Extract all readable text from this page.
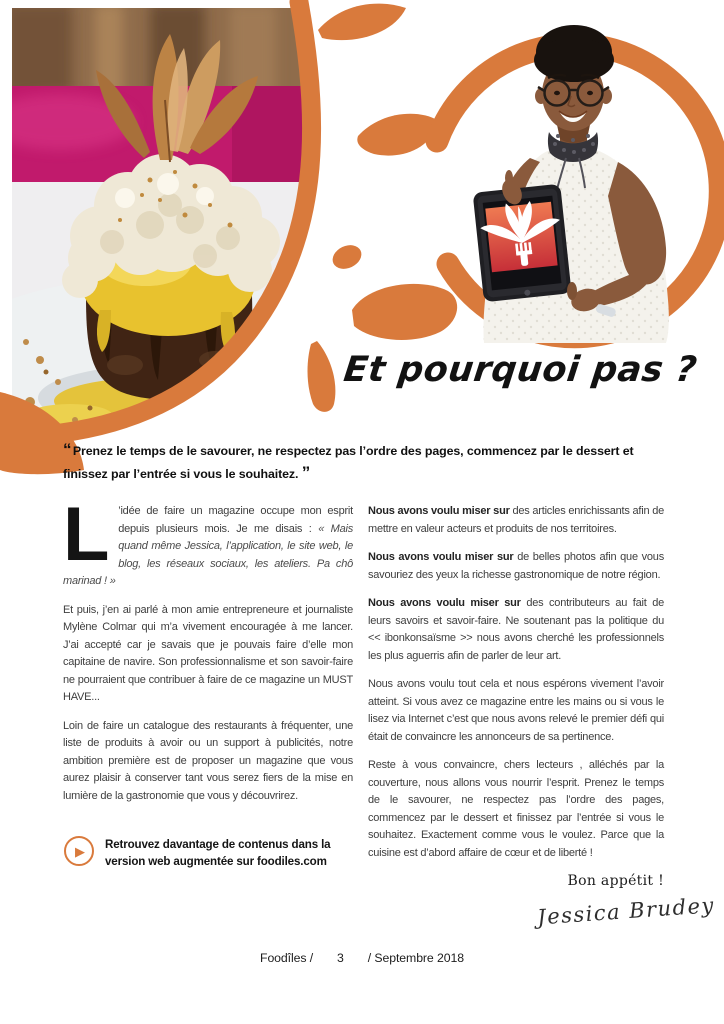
Et pourquoi pas ?
“ Prenez le temps de le savourer, ne respectez pas l’ordre des pages, commencez par le dessert et finissez par l’entrée si vous le souhaitez. ”

L ’idée de faire un magazine occupe mon esprit depuis plusieurs mois. Je me disais : « Mais quand même Jessica, l’application, le site web, le blog, les réseaux sociaux, les ateliers. Pa chô marinad ! »

Et puis, j’en ai parlé à mon amie entrepreneure et journaliste Mylène Colmar qui m’a vivement encouragée à me lancer. J’ai accepté car je savais que je pouvais faire d’elle mon capitaine de navire. Son professionnalisme et son savoir-faire ne pourraient que contribuer à faire de ce magazine un MUST HAVE...

Loin de faire un catalogue des restaurants à fréquenter, une liste de produits à avoir ou un support à publicités, notre ambition première est de proposer un magazine que vous aurez plaisir à conserver tant vous serez fiers de la mise en lumière de la gastronomie que vous y découvrirez.

▶	Retrouvez davantage de contenus dans la version web augmentée sur foodiles.com

Nous avons voulu miser sur des articles enrichissants afin de mettre en valeur acteurs et produits de nos territoires.

Nous avons voulu miser sur de belles photos afin que vous savouriez des yeux la richesse gastronomique de notre région.

Nous avons voulu miser sur des contributeurs au fait de leurs savoirs et savoir-faire. Ne soutenant pas la politique du << ibonkonsaïsme >> nous avons cherché les professionnels les plus aguerris afin de parler de leur art.

Nous avons voulu tout cela et nous espérons vivement l’avoir atteint. Si vous avez ce magazine entre les mains ou si vous le lisez via Internet c’est que nous avons relevé le premier défi qui était de convaincre les annonceurs de sa pertinence.

Reste à vous convaincre, chers lecteurs , alléchés par la couverture, nous allons vous nourrir l’esprit. Prenez le temps de le savourer, ne respectez pas l’ordre des pages, commencez par le dessert et finissez par l’entrée si vous le souhaitez. Exactement comme vous le voulez. Parce que la cuisine est d’abord affaire de cœur et de liberté !

Bon appétit !
Jessica Brudey
Foodîles / 3 / Septembre 2018
